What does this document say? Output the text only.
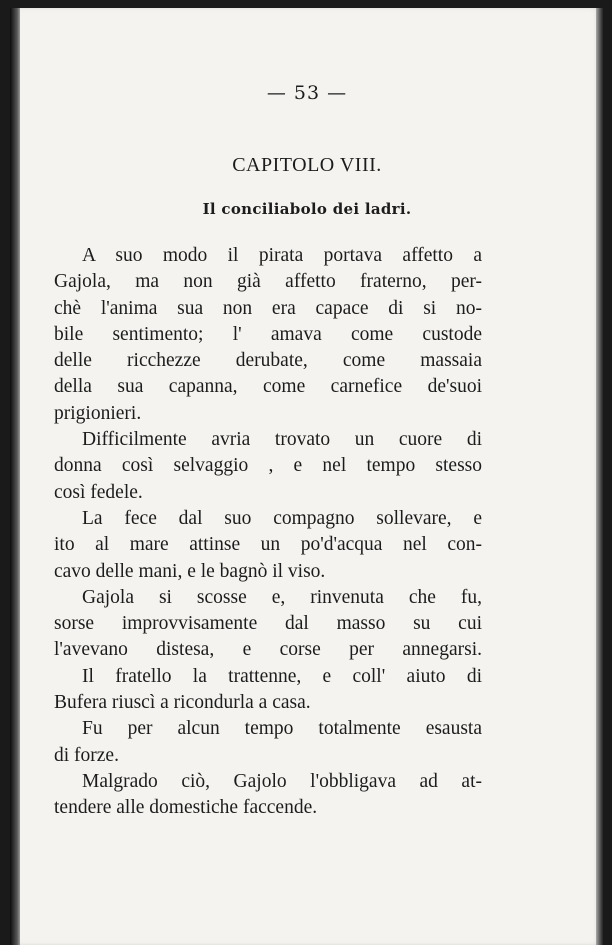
— 53 —
CAPITOLO VIII.
Il conciliabolo dei ladri.
A suo modo il pirata portava affetto a
Gajola, ma non già affetto fraterno, per-
chè l'anima sua non era capace di si no-
bile sentimento; l' amava come custode
delle ricchezze derubate, come massaia
della sua capanna, come carnefice de'suoi
prigionieri.
Difficilmente avria trovato un cuore di
donna così selvaggio , e nel tempo stesso
così fedele.
La fece dal suo compagno sollevare, e
ito al mare attinse un po'd'acqua nel con-
cavo delle mani, e le bagnò il viso.
Gajola si scosse e, rinvenuta che fu,
sorse improvvisamente dal masso su cui
l'avevano distesa, e corse per annegarsi.
Il fratello la trattenne, e coll' aiuto di
Bufera riuscì a ricondurla a casa.
Fu per alcun tempo totalmente esausta
di forze.
Malgrado ciò, Gajolo l'obbligava ad at-
tendere alle domestiche faccende.
